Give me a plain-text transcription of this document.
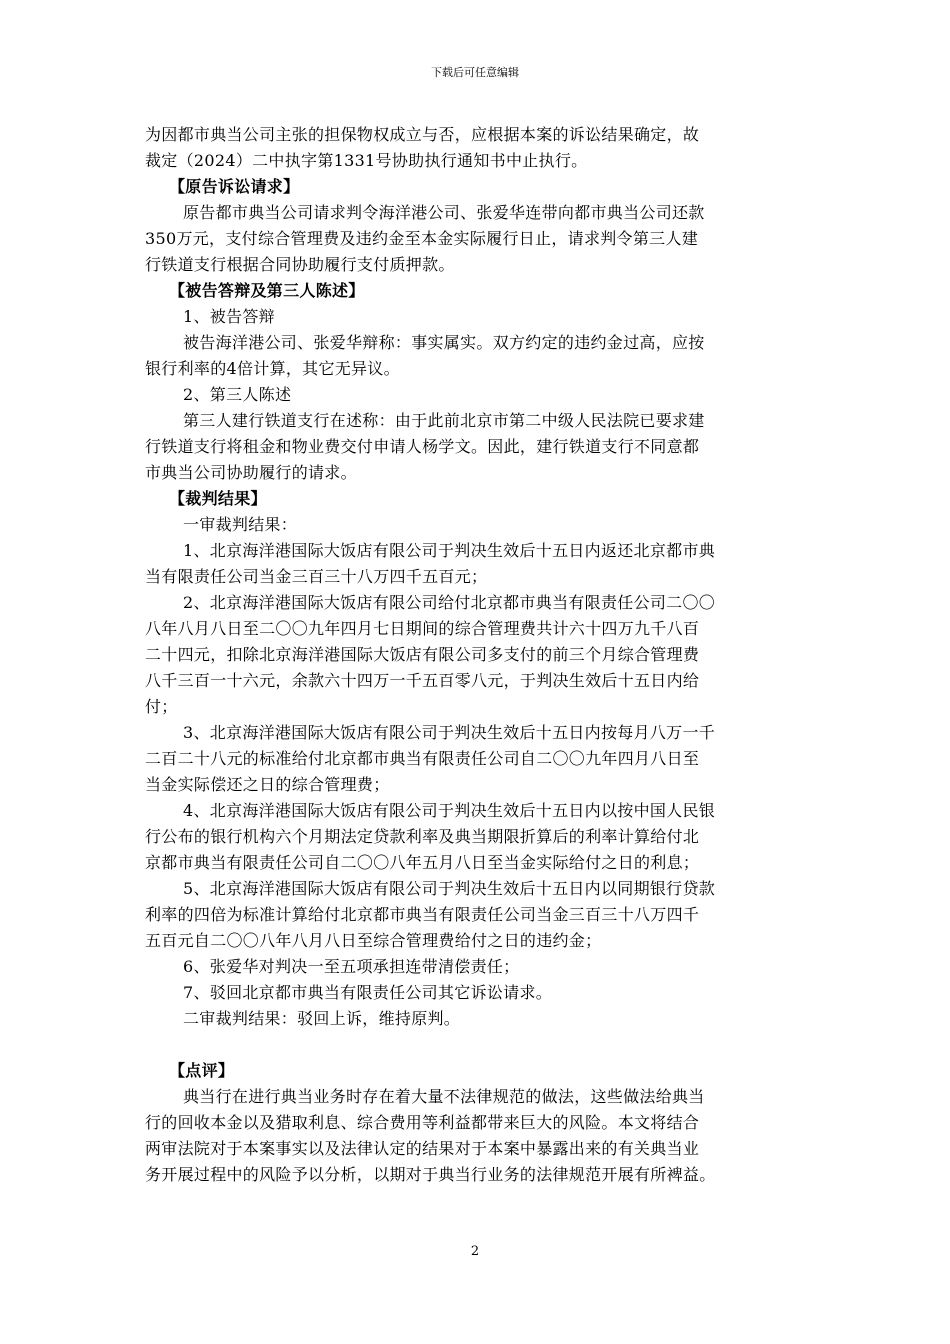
下载后可任意编辑
为因都市典当公司主张的担保物权成立与否，应根据本案的诉讼结果确定，故
裁定（2024）二中执字第1331号协助执行通知书中止执行。
【原告诉讼请求】
原告都市典当公司请求判令海洋港公司、张爱华连带向都市典当公司还款
350万元，支付综合管理费及违约金至本金实际履行日止，请求判令第三人建
行铁道支行根据合同协助履行支付质押款。
【被告答辩及第三人陈述】
1、被告答辩
被告海洋港公司、张爱华辩称：事实属实。双方约定的违约金过高，应按
银行利率的4倍计算，其它无异议。
2、第三人陈述
第三人建行铁道支行在述称：由于此前北京市第二中级人民法院已要求建
行铁道支行将租金和物业费交付申请人杨学文。因此，建行铁道支行不同意都
市典当公司协助履行的请求。
【裁判结果】
一审裁判结果：
1、北京海洋港国际大饭店有限公司于判决生效后十五日内返还北京都市典
当有限责任公司当金三百三十八万四千五百元；
2、北京海洋港国际大饭店有限公司给付北京都市典当有限责任公司二〇〇
八年八月八日至二〇〇九年四月七日期间的综合管理费共计六十四万九千八百
二十四元，扣除北京海洋港国际大饭店有限公司多支付的前三个月综合管理费
八千三百一十六元，余款六十四万一千五百零八元，于判决生效后十五日内给
付；
3、北京海洋港国际大饭店有限公司于判决生效后十五日内按每月八万一千
二百二十八元的标准给付北京都市典当有限责任公司自二〇〇九年四月八日至
当金实际偿还之日的综合管理费；
4、北京海洋港国际大饭店有限公司于判决生效后十五日内以按中国人民银
行公布的银行机构六个月期法定贷款利率及典当期限折算后的利率计算给付北
京都市典当有限责任公司自二〇〇八年五月八日至当金实际给付之日的利息；
5、北京海洋港国际大饭店有限公司于判决生效后十五日内以同期银行贷款
利率的四倍为标准计算给付北京都市典当有限责任公司当金三百三十八万四千
五百元自二〇〇八年八月八日至综合管理费给付之日的违约金；
6、张爱华对判决一至五项承担连带清偿责任；
7、驳回北京都市典当有限责任公司其它诉讼请求。
二审裁判结果：驳回上诉，维持原判。
【点评】
典当行在进行典当业务时存在着大量不法律规范的做法，这些做法给典当
行的回收本金以及猎取利息、综合费用等利益都带来巨大的风险。本文将结合
两审法院对于本案事实以及法律认定的结果对于本案中暴露出来的有关典当业
务开展过程中的风险予以分析，以期对于典当行业务的法律规范开展有所裨益。
2
